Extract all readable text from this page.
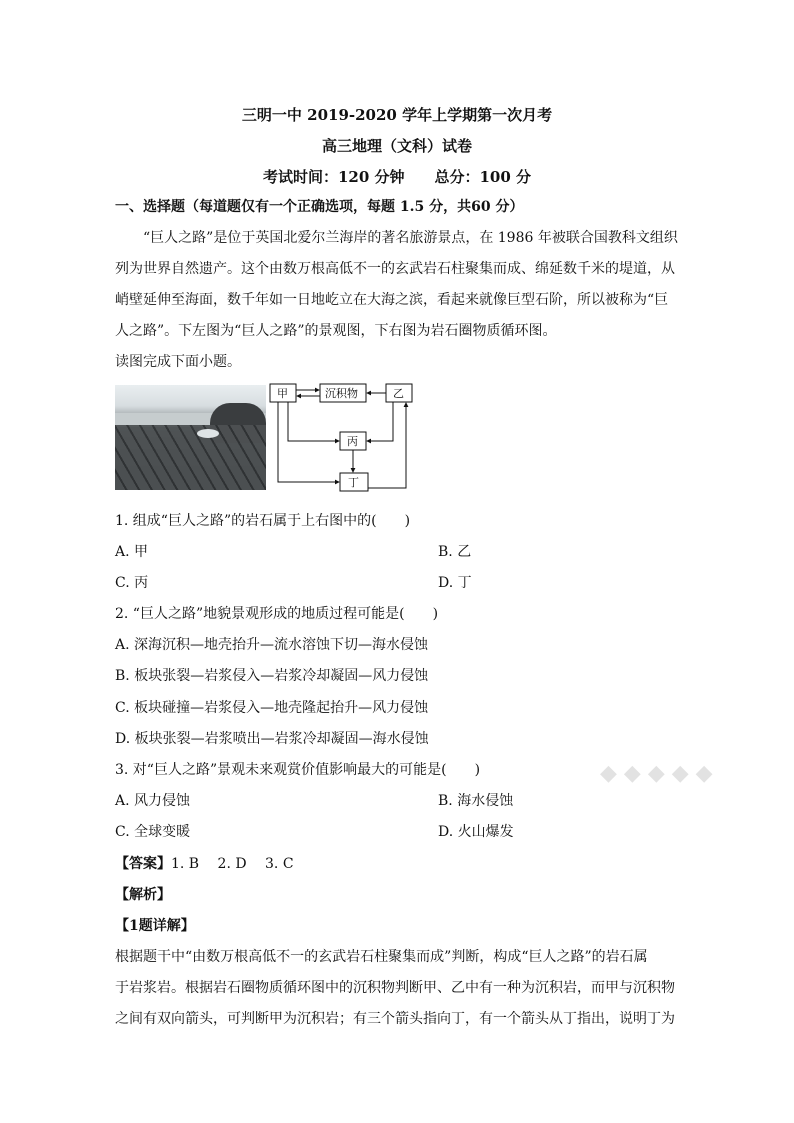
三明一中 2019-2020 学年上学期第一次月考
高三地理（文科）试卷
考试时间：120 分钟　　总分：100 分
一、选择题（每道题仅有一个正确选项，每题 1.5 分，共60 分）
“巨人之路”是位于英国北爱尔兰海岸的著名旅游景点，在 1986 年被联合国教科文组织
列为世界自然遗产。这个由数万根高低不一的玄武岩石柱聚集而成、绵延数千米的堤道，从
峭壁延伸至海面，数千年如一日地屹立在大海之滨，看起来就像巨型石阶，所以被称为“巨
人之路”。下左图为“巨人之路”的景观图，下右图为岩石圈物质循环图。
读图完成下面小题。
甲	沉积物	乙
丙
丁
1. 组成“巨人之路”的岩石属于上右图中的(　　)
A. 甲	B. 乙
C. 丙	D. 丁
2. “巨人之路”地貌景观形成的地质过程可能是(　　)
A. 深海沉积—地壳抬升—流水溶蚀下切—海水侵蚀
B. 板块张裂—岩浆侵入—岩浆冷却凝固—风力侵蚀
C. 板块碰撞—岩浆侵入—地壳隆起抬升—风力侵蚀
D. 板块张裂—岩浆喷出—岩浆冷却凝固—海水侵蚀
3. 对“巨人之路”景观未来观赏价值影响最大的可能是(　　)
A. 风力侵蚀	B. 海水侵蚀
C. 全球变暖	D. 火山爆发
◆ ◆ ◆ ◆ ◆
【答案】1. B　 2. D　 3. C
【解析】
【1题详解】
根据题干中“由数万根高低不一的玄武岩石柱聚集而成”判断，构成“巨人之路”的岩石属
于岩浆岩。根据岩石圈物质循环图中的沉积物判断甲、乙中有一种为沉积岩，而甲与沉积物
之间有双向箭头，可判断甲为沉积岩；有三个箭头指向丁，有一个箭头从丁指出，说明丁为
